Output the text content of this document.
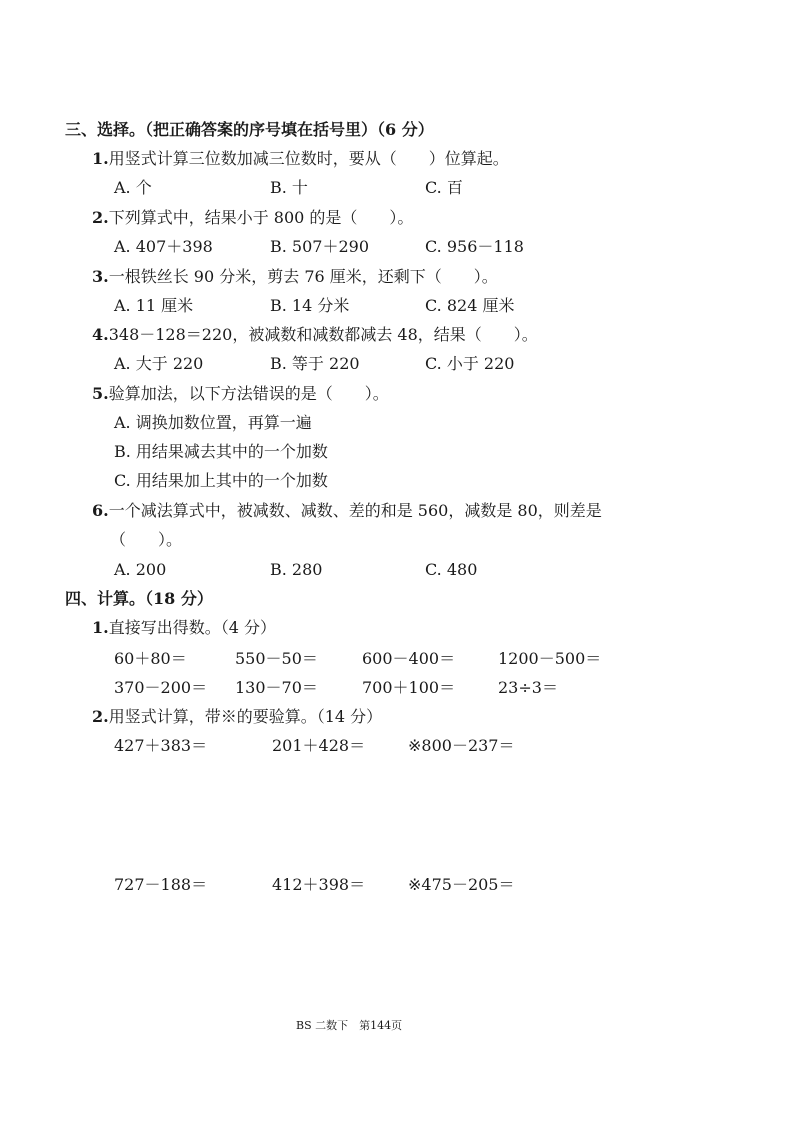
三、选择。（把正确答案的序号填在括号里）（6 分）
1.用竖式计算三位数加减三位数时，要从（　　）位算起。
A. 个	B. 十	C. 百
2.下列算式中，结果小于 800 的是（　　）。
A. 407＋398	B. 507＋290	C. 956－118
3.一根铁丝长 90 分米，剪去 76 厘米，还剩下（　　）。
A. 11 厘米	B. 14 分米	C. 824 厘米
4.348－128＝220，被减数和减数都减去 48，结果（　　）。
A. 大于 220	B. 等于 220	C. 小于 220
5.验算加法，以下方法错误的是（　　）。
A. 调换加数位置，再算一遍
B. 用结果减去其中的一个加数
C. 用结果加上其中的一个加数
6.一个减法算式中，被减数、减数、差的和是 560，减数是 80，则差是
（　　）。
A. 200	B. 280	C. 480
四、计算。（18 分）
1.直接写出得数。（4 分）
60＋80＝	550－50＝	600－400＝	1200－500＝
370－200＝ 130－70＝	700＋100＝	23÷3＝
2.用竖式计算，带※的要验算。（14 分）
427＋383＝	201＋428＝	※800－237＝
727－188＝	412＋398＝	※475－205＝
BS 二数下　第144页
